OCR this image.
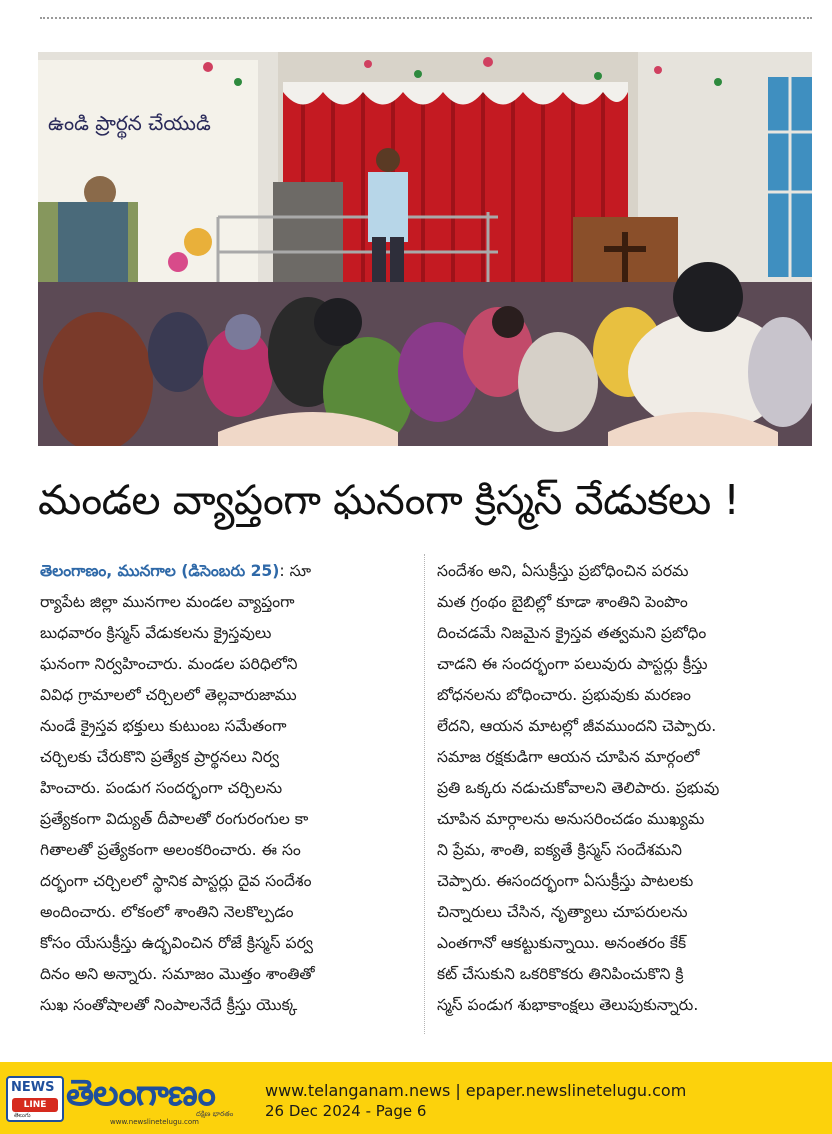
ఉండి ప్రార్థన చేయుడి
మండల వ్యాప్తంగా ఘనంగా క్రిస్మస్ వేడుకలు !
తెలంగాణం, మునగాల (డిసెంబరు 25): సూ
ర్యాపేట జిల్లా మునగాల మండల వ్యాప్తంగా
బుధవారం క్రిస్మస్ వేడుకలను క్రైస్తవులు
ఘనంగా నిర్వహించారు. మండల పరిధిలోని
వివిధ గ్రామాలలో చర్చిలలో తెల్లవారుజాము
నుండే క్రైస్తవ భక్తులు కుటుంబ సమేతంగా
చర్చిలకు చేరుకొని ప్రత్యేక ప్రార్థనలు నిర్వ
హించారు. పండుగ సందర్భంగా చర్చిలను
ప్రత్యేకంగా విద్యుత్ దీపాలతో రంగురంగుల కా
గితాలతో ప్రత్యేకంగా అలంకరించారు. ఈ సం
దర్భంగా చర్చిలలో స్థానిక పాస్టర్లు దైవ సందేశం
అందించారు. లోకంలో శాంతిని నెలకొల్పడం
కోసం యేసుక్రీస్తు ఉద్భవించిన రోజే క్రిస్మస్ పర్వ
దినం అని అన్నారు. సమాజం మొత్తం శాంతితో
సుఖ సంతోషాలతో నింపాలనేదే క్రీస్తు యొక్క
సందేశం అని, ఏసుక్రీస్తు ప్రబోధించిన పరమ
మత గ్రంథం బైబిల్లో కూడా శాంతిని పెంపొం
దించడమే నిజమైన క్రైస్తవ తత్వమని ప్రబోధిం
చాడని ఈ సందర్భంగా పలువురు పాస్టర్లు క్రీస్తు
బోధనలను బోధించారు. ప్రభువుకు మరణం
లేదని, ఆయన మాటల్లో జీవముందని చెప్పారు.
సమాజ రక్షకుడిగా ఆయన చూపిన మార్గంలో
ప్రతి ఒక్కరు నడుచుకోవాలని తెలిపారు. ప్రభువు
చూపిన మార్గాలను అనుసరించడం ముఖ్యమ
ని ప్రేమ, శాంతి, ఐక్యతే క్రిస్మస్ సందేశమని
చెప్పారు. ఈసందర్భంగా ఏసుక్రీస్తు పాటలకు
చిన్నారులు చేసిన, నృత్యాలు చూపరులను
ఎంతగానో ఆకట్టుకున్నాయి. అనంతరం కేక్
కట్ చేసుకుని ఒకరికొకరు తినిపించుకొని క్రి
స్మస్ పండుగ శుభాకాంక్షలు తెలుపుకున్నారు.
NEWS
LINE
తెలుగు
తెలంగాణం
దక్షిణ భారతం
www.newslinetelugu.com
www.telanganam.news | epaper.newslinetelugu.com
26 Dec 2024 - Page 6
